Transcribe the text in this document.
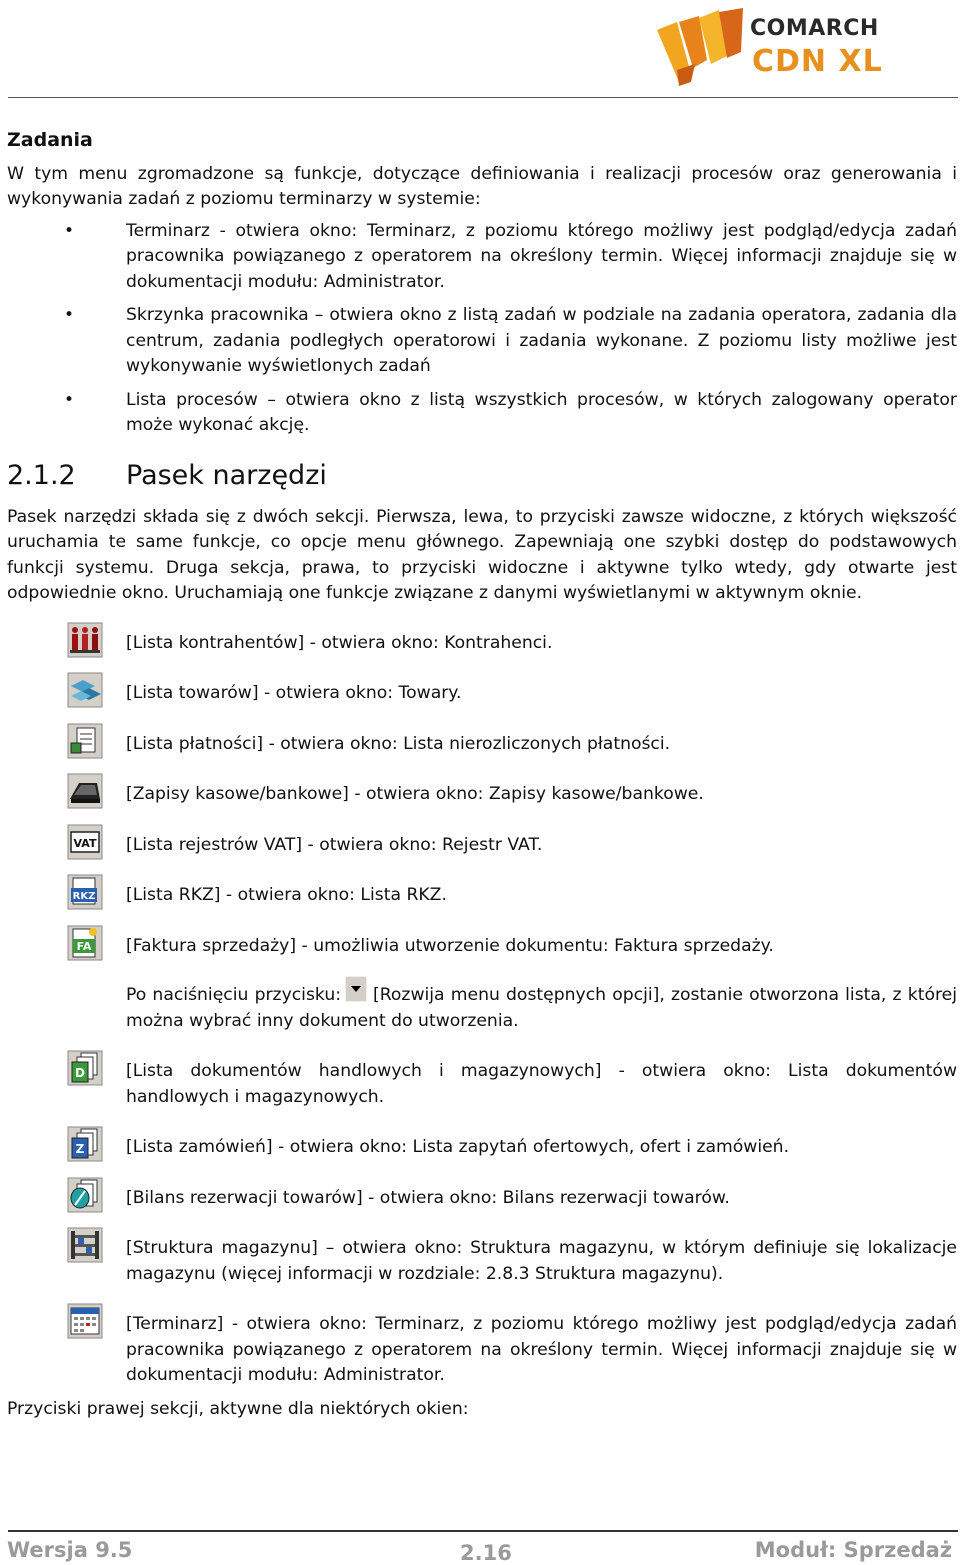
COMARCH
CDN XL
Zadania

W tym menu zgromadzone są funkcje, dotyczące definiowania i realizacji procesów oraz generowania i wykonywania zadań z poziomu terminarzy w systemie:

•	Terminarz - otwiera okno: Terminarz, z poziomu którego możliwy jest podgląd/edycja zadań pracownika powiązanego z operatorem na określony termin. Więcej informacji znajduje się w dokumentacji modułu: Administrator.
•	Skrzynka pracownika – otwiera okno z listą zadań w podziale na zadania operatora, zadania dla centrum, zadania podległych operatorowi i zadania wykonane. Z poziomu listy możliwe jest wykonywanie wyświetlonych zadań
•	Lista procesów – otwiera okno z listą wszystkich procesów, w których zalogowany operator może wykonać akcję.
2.1.2 Pasek narzędzi

Pasek narzędzi składa się z dwóch sekcji. Pierwsza, lewa, to przyciski zawsze widoczne, z których większość uruchamia te same funkcje, co opcje menu głównego. Zapewniają one szybki dostęp do podstawowych funkcji systemu. Druga sekcja, prawa, to przyciski widoczne i aktywne tylko wtedy, gdy otwarte jest odpowiednie okno. Uruchamiają one funkcje związane z danymi wyświetlanymi w aktywnym oknie.

[Lista kontrahentów] - otwiera okno: Kontrahenci.
[Lista towarów] - otwiera okno: Towary.
[Lista płatności] - otwiera okno: Lista nierozliczonych płatności.
[Zapisy kasowe/bankowe] - otwiera okno: Zapisy kasowe/bankowe.
VAT [Lista rejestrów VAT] - otwiera okno: Rejestr VAT.
RKZ [Lista RKZ] - otwiera okno: Lista RKZ.
FA [Faktura sprzedaży] - umożliwia utworzenie dokumentu: Faktura sprzedaży.
Po naciśnięciu przycisku: [Rozwija menu dostępnych opcji], zostanie otworzona lista, z której można wybrać inny dokument do utworzenia.
D [Lista dokumentów handlowych i magazynowych] - otwiera okno: Lista dokumentów handlowych i magazynowych.
Z [Lista zamówień] - otwiera okno: Lista zapytań ofertowych, ofert i zamówień.
[Bilans rezerwacji towarów] - otwiera okno: Bilans rezerwacji towarów.
[Struktura magazynu] – otwiera okno: Struktura magazynu, w którym definiuje się lokalizacje magazynu (więcej informacji w rozdziale: 2.8.3 Struktura magazynu).
[Terminarz] - otwiera okno: Terminarz, z poziomu którego możliwy jest podgląd/edycja zadań pracownika powiązanego z operatorem na określony termin. Więcej informacji znajduje się w dokumentacji modułu: Administrator.

Przyciski prawej sekcji, aktywne dla niektórych okien:

Wersja 9.5	2.16	Moduł: Sprzedaż
